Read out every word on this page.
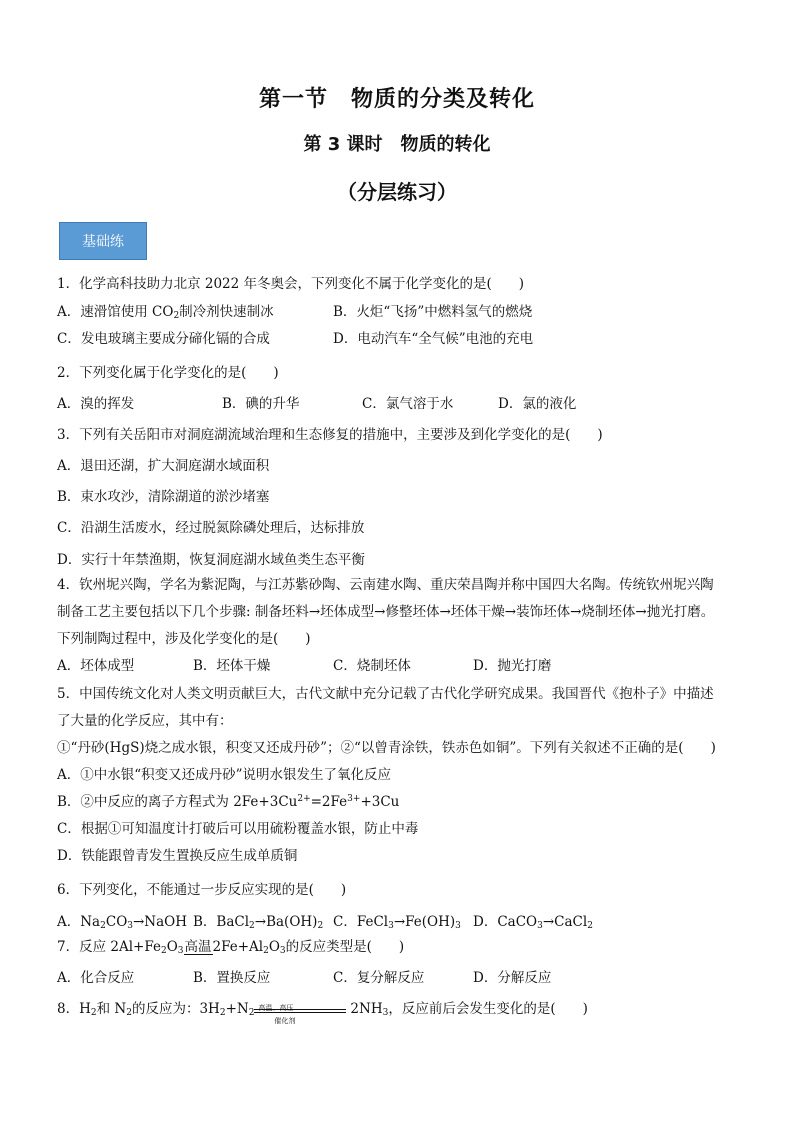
第一节　物质的分类及转化
第 3 课时　物质的转化
（分层练习）
基础练
1．化学高科技助力北京 2022 年冬奥会，下列变化不属于化学变化的是(　　)
A．速滑馆使用 $CO_2$制冷剂快速制冰	B．火炬“飞扬”中燃料氢气的燃烧
C．发电玻璃主要成分碲化镉的合成	D．电动汽车“全气候”电池的充电
2．下列变化属于化学变化的是(　　)
A．溴的挥发	B．碘的升华	C．氯气溶于水	D．氯的液化
3．下列有关岳阳市对洞庭湖流域治理和生态修复的措施中，主要涉及到化学变化的是(　　)
A．退田还湖，扩大洞庭湖水域面积
B．束水攻沙，清除湖道的淤沙堵塞
C．沿湖生活废水，经过脱氮除磷处理后，达标排放
D．实行十年禁渔期，恢复洞庭湖水域鱼类生态平衡
4．钦州坭兴陶，学名为紫泥陶，与江苏紫砂陶、云南建水陶、重庆荣昌陶并称中国四大名陶。传统钦州坭兴陶
制备工艺主要包括以下几个步骤: 制备坯料→坯体成型→修整坯体→坯体干燥→装饰坯体→烧制坯体→抛光打磨。
下列制陶过程中，涉及化学变化的是(　　)
A．坯体成型	B．坯体干燥	C．烧制坯体	D．抛光打磨
5．中国传统文化对人类文明贡献巨大，古代文献中充分记载了古代化学研究成果。我国晋代《抱朴子》中描述
了大量的化学反应，其中有：
①“丹砂(HgS)烧之成水银，积变又还成丹砂”；②“以曾青涂铁，铁赤色如铜”。下列有关叙述不正确的是(　　)
A．①中水银“积变又还成丹砂”说明水银发生了氧化反应
B．②中反应的离子方程式为 $2Fe+3Cu^{2+}=2Fe^{3+}+3Cu$
C．根据①可知温度计打破后可以用硫粉覆盖水银，防止中毒
D．铁能跟曾青发生置换反应生成单质铜
6．下列变化，不能通过一步反应实现的是(　　)
A．$Na_2CO_3\to NaOH$ B．$BaCl_2\to Ba(OH)_2$ C．$FeCl_3\to Fe(OH)_3$ D．CaCO$_3$→CaCl$_2$
7．反应 $2Al+Fe_2O_3$高温$2Fe+Al_2O_3$的反应类型是(　　)
A．化合反应	B．置换反应	C．复分解反应	D．分解反应
8．$H_2$和 $N_2$的反应为：$3H_2+N_2$
高温、高压
催化剂
$2NH_3$，反应前后会发生变化的是(　　)
